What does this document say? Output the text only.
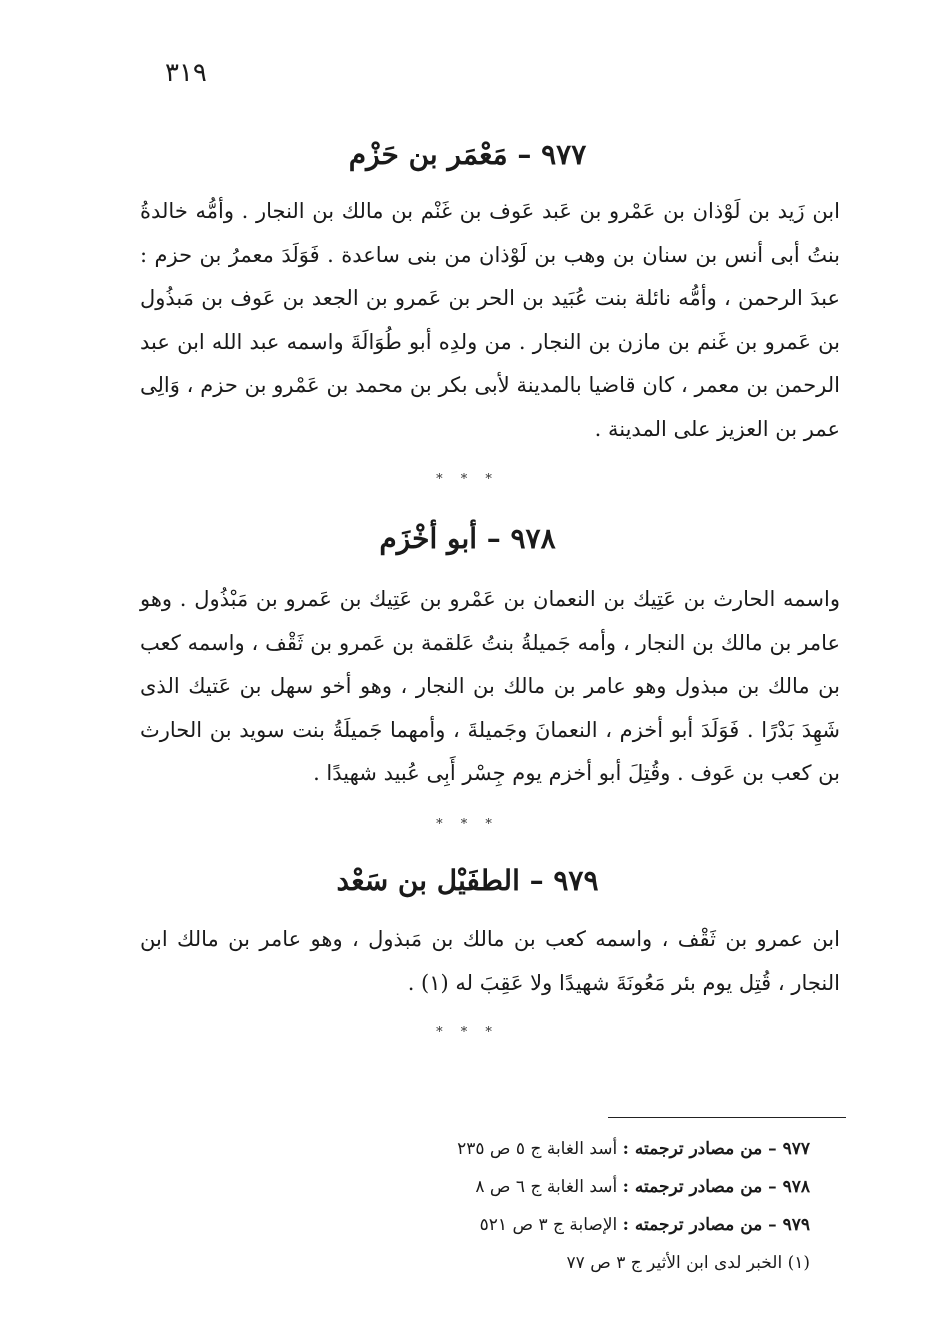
٣١٩
٩٧٧ – مَعْمَر بن حَزْم
ابن زَيد بن لَوْذان بن عَمْرو بن عَبد عَوف بن غَنْم بن مالك بن النجار . وأمُّه خالدةُ بنتُ أبى أنس بن سنان بن وهب بن لَوْذان من بنى ساعدة . فَوَلَدَ معمرُ بن حزم : عبدَ الرحمن ، وأمُّه نائلة بنت عُبَيد بن الحر بن عَمرو بن الجعد بن عَوف بن مَبذُول بن عَمرو بن غَنم بن مازن بن النجار . من ولدِه أبو طُوَالَةَ واسمه عبد الله ابن عبد الرحمن بن معمر ، كان قاضيا بالمدينة لأبى بكر بن محمد بن عَمْرو بن حزم ، وَالِى عمر بن العزيز على المدينة .
* * *
٩٧٨ – أبو أخْزَم
واسمه الحارث بن عَتِيك بن النعمان بن عَمْرو بن عَتِيك بن عَمرو بن مَبْذُول . وهو عامر بن مالك بن النجار ، وأمه جَميلةُ بنتُ عَلقمة بن عَمرو بن ثَقْف ، واسمه كعب بن مالك بن مبذول وهو عامر بن مالك بن النجار ، وهو أخو سهل بن عَتيك الذى شَهِدَ بَدْرًا . فَوَلَدَ أبو أخزم ، النعمانَ وجَميلةَ ، وأمهما جَميلَةُ بنت سويد بن الحارث بن كعب بن عَوف . وقُتِلَ أبو أخزم يوم جِسْر أَبِى عُبيد شهيدًا .
* * *
٩٧٩ – الطفَيْل بن سَعْد
ابن عمرو بن ثَقْف ، واسمه كعب بن مالك بن مَبذول ، وهو عامر بن مالك ابن النجار ، قُتِل يوم بئر مَعُونَةَ شهيدًا ولا عَقِبَ له (١) .
* * *
٩٧٧ – من مصادر ترجمته : أسد الغابة ج ٥ ص ٢٣٥
٩٧٨ – من مصادر ترجمته : أسد الغابة ج ٦ ص ٨
٩٧٩ – من مصادر ترجمته : الإصابة ج ٣ ص ٥٢١
(١) الخبر لدى ابن الأثير ج ٣ ص ٧٧
